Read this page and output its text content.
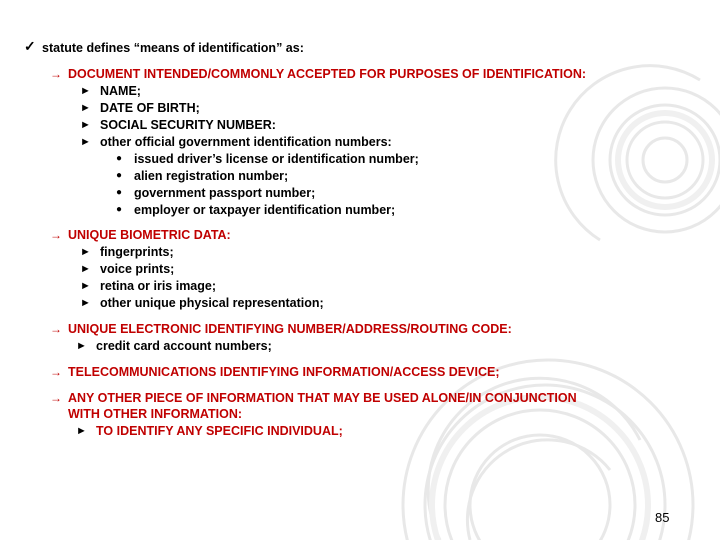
✓ statute defines “means of identification” as:
→ DOCUMENT INTENDED/COMMONLY ACCEPTED FOR PURPOSES OF IDENTIFICATION:
► NAME;
► DATE OF BIRTH;
► SOCIAL SECURITY NUMBER:
► other official government identification numbers:
● issued driver’s license or identification number;
● alien registration number;
● government passport number;
● employer or taxpayer identification number;
→ UNIQUE BIOMETRIC DATA:
► fingerprints;
► voice prints;
► retina or iris image;
► other unique physical representation;
→ UNIQUE ELECTRONIC IDENTIFYING NUMBER/ADDRESS/ROUTING CODE:
► credit card account numbers;
→ TELECOMMUNICATIONS IDENTIFYING INFORMATION/ACCESS DEVICE;
→ ANY OTHER PIECE OF INFORMATION THAT MAY BE USED ALONE/IN CONJUNCTION
WITH OTHER INFORMATION:
► TO IDENTIFY ANY SPECIFIC INDIVIDUAL;
85
